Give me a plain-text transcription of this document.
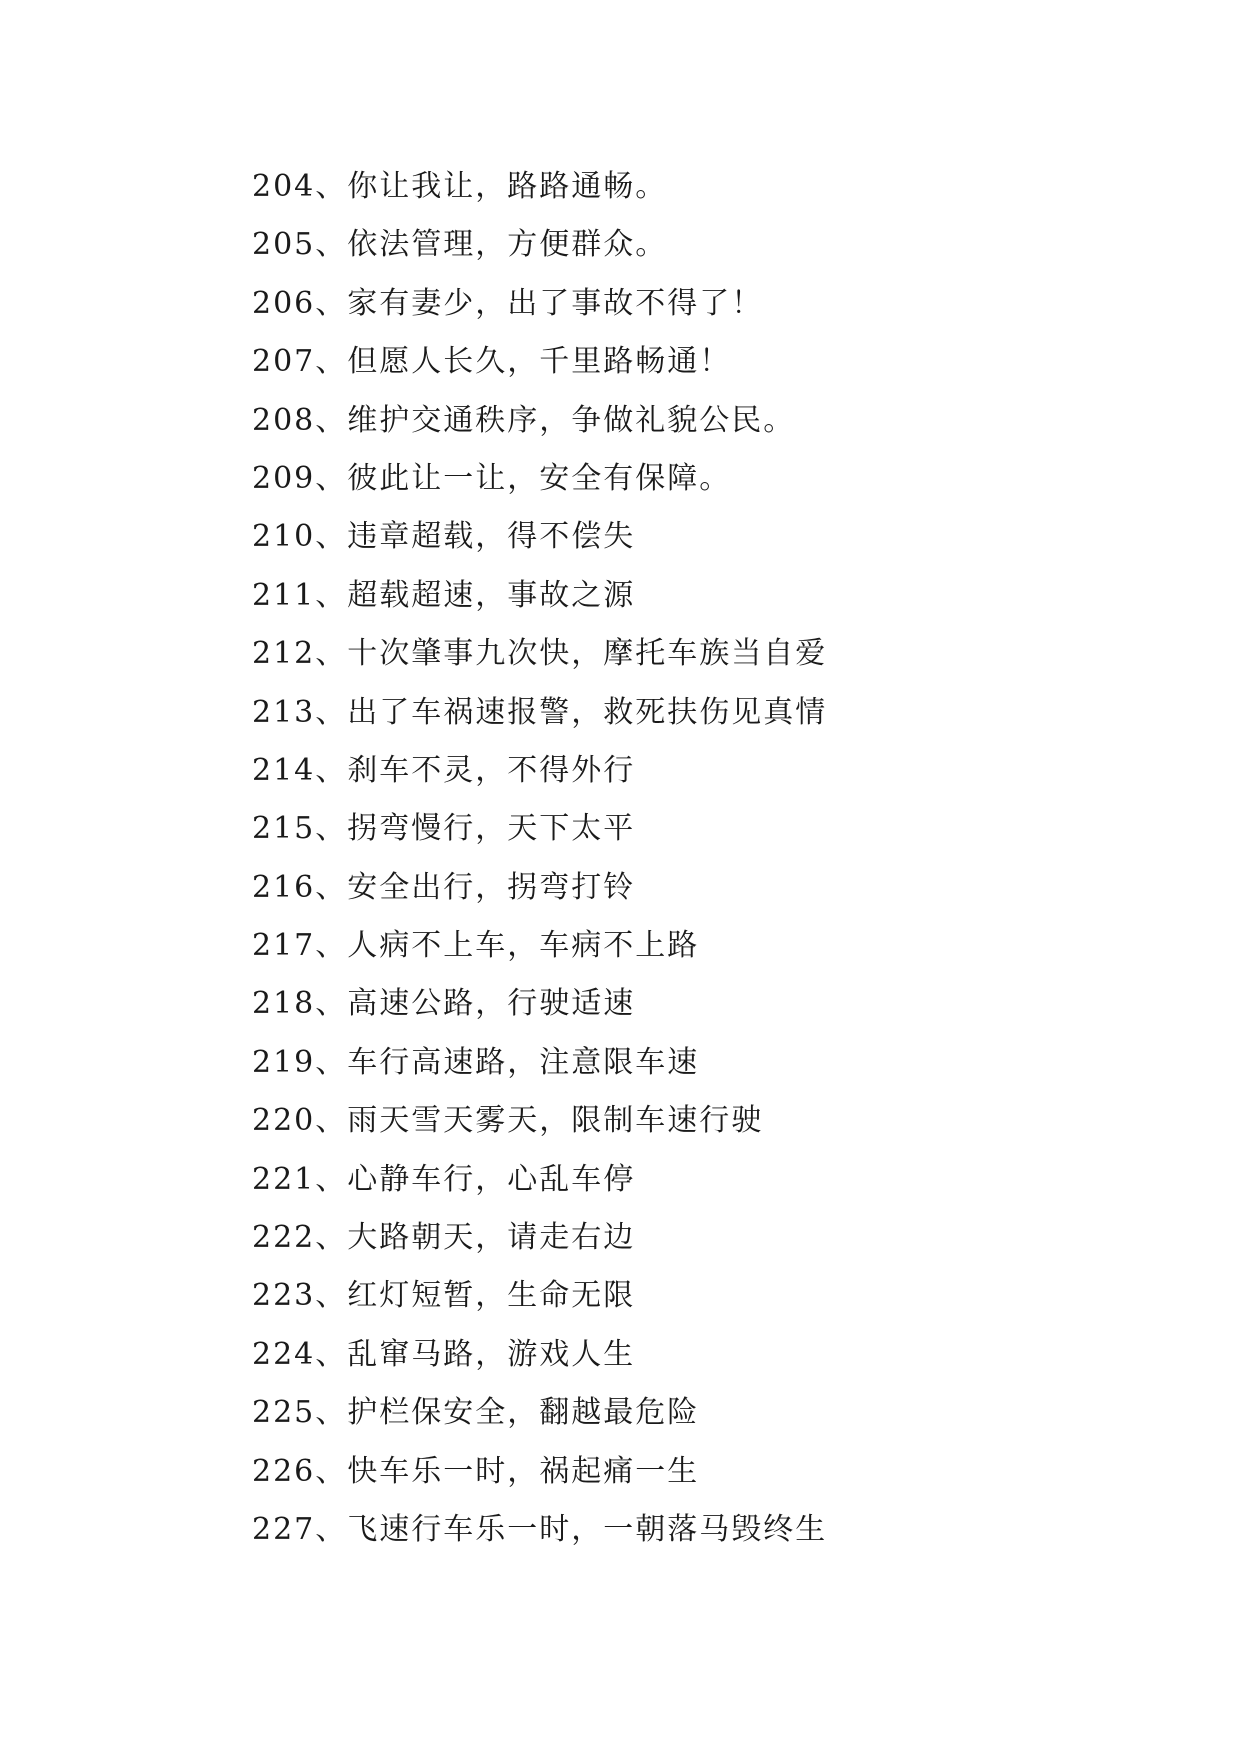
204、你让我让，路路通畅。
205、依法管理，方便群众。
206、家有妻少，出了事故不得了！
207、但愿人长久，千里路畅通！
208、维护交通秩序，争做礼貌公民。
209、彼此让一让，安全有保障。
210、违章超载，得不偿失
211、超载超速，事故之源
212、十次肇事九次快，摩托车族当自爱
213、出了车祸速报警，救死扶伤见真情
214、刹车不灵，不得外行
215、拐弯慢行，天下太平
216、安全出行，拐弯打铃
217、人病不上车，车病不上路
218、高速公路，行驶适速
219、车行高速路，注意限车速
220、雨天雪天雾天，限制车速行驶
221、心静车行，心乱车停
222、大路朝天，请走右边
223、红灯短暂，生命无限
224、乱窜马路，游戏人生
225、护栏保安全，翻越最危险
226、快车乐一时，祸起痛一生
227、飞速行车乐一时，一朝落马毁终生
